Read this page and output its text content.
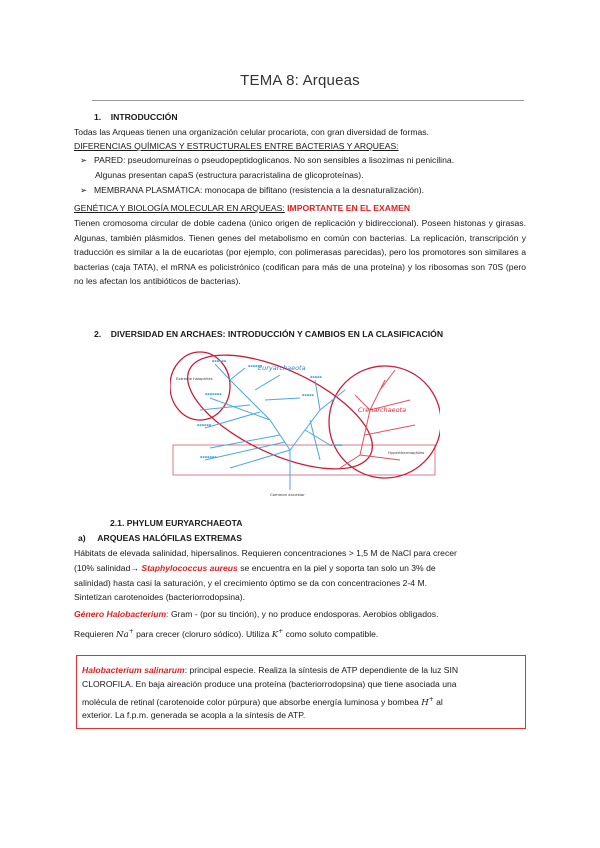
TEMA 8: Arqueas
1. INTRODUCCIÓN
Todas las Arqueas tienen una organización celular procariota, con gran diversidad de formas.
DIFERENCIAS QUÍMICAS Y ESTRUCTURALES ENTRE BACTERIAS Y ARQUEAS:
➢ PARED: pseudomureínas o pseudopeptidoglicanos. No son sensibles a lisozimas ni penicilina.
Algunas presentan capaS (estructura paracristalina de glicoproteínas).
➢ MEMBRANA PLASMÁTICA: monocapa de bifitano (resistencia a la desnaturalización).
GENÉTICA Y BIOLOGÍA MOLECULAR EN ARQUEAS: IMPORTANTE EN EL EXAMEN
Tienen cromosoma circular de doble cadena (único origen de replicación y bidireccional). Poseen histonas y girasas. Algunas, también plásmidos. Tienen genes del metabolismo en común con bacterias. La replicación, transcripción y traducción es similar a la de eucariotas (por ejemplo, con polimerasas parecidas), pero los promotores son similares a bacterias (caja TATA), el mRNA es policistrónico (codifican para más de una proteína) y los ribosomas son 70S (pero no les afectan los antibióticos de bacterias).
2. DIVERSIDAD EN ARCHAES: INTRODUCCIÓN Y CAMBIOS EN LA CLASIFICACIÓN
▪▪▪▪▪▪
▪▪▪▪▪▪
▪▪▪▪▪▪▪
▪▪▪▪▪▪
▪▪▪▪▪▪▪
▪▪▪▪▪
▪▪▪▪▪
▪▪▪▪▪
Euryarchaeota
Crenarchaeota
Extreme halophiles
Hyperthermophiles
Common ancestor
2.1. PHYLUM EURYARCHAEOTA
a) ARQUEAS HALÓFILAS EXTREMAS
Hábitats de elevada salinidad, hipersalinos. Requieren concentraciones > 1,5 M de NaCl para crecer
(10% salinidad→ Staphylococcus aureus se encuentra en la piel y soporta tan solo un 3% de
salinidad) hasta casi la saturación, y el crecimiento óptimo se da con concentraciones 2-4 M.
Sintetizan carotenoides (bacteriorrodopsina).
Género Halobacterium: Gram - (por su tinción), y no produce endosporas. Aerobios obligados.
Requieren Na+ para crecer (cloruro sódico). Utiliza K+ como soluto compatible.
Halobacterium salinarum: principal especie. Realiza la síntesis de ATP dependiente de la luz SIN
CLOROFILA. En baja aireación produce una proteína (bacteriorrodopsina) que tiene asociada una
molécula de retinal (carotenoide color púrpura) que absorbe energía luminosa y bombea H+ al
exterior. La f.p.m. generada se acopla a la síntesis de ATP.
